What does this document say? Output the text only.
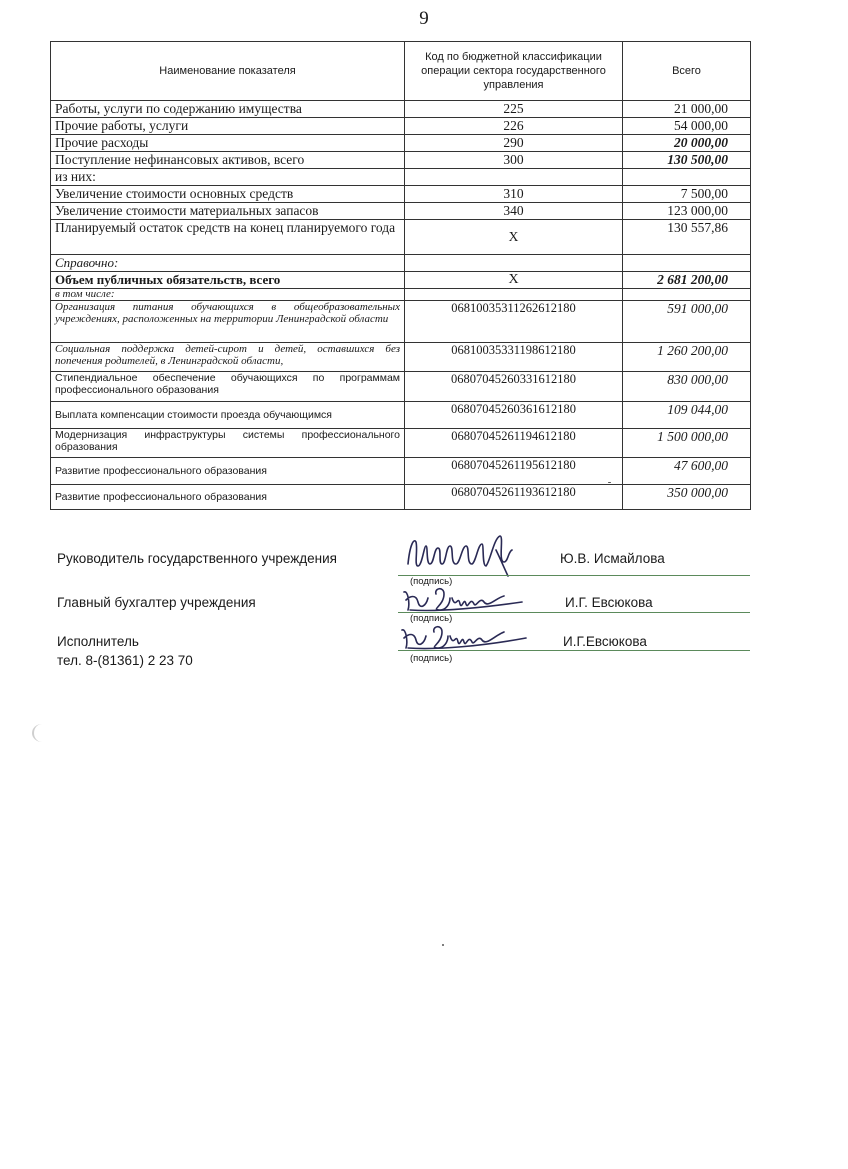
9
Наименование показателя	Код по бюджетной классификации операции сектора государственного управления	Всего
Работы, услуги по содержанию имущества	225	21 000,00
Прочие работы, услуги	226	54 000,00
Прочие расходы	290	20 000,00
Поступление нефинансовых активов, всего	300	130 500,00
из них:		
Увеличение стоимости основных средств	310	7 500,00
Увеличение стоимости материальных запасов	340	123 000,00
Планируемый остаток средств на конец планируемого года	X	130 557,86
Справочно:		
Объем публичных обязательств, всего	X	2 681 200,00
в том числе:		
Организация питания обучающихся в общеобразовательных учреждениях, расположенных на территории Ленинградской области	06810035311262612180	591 000,00
Социальная поддержка детей-сирот и детей, оставшихся без попечения родителей, в Ленинградской области,	06810035331198612180	1 260 200,00
Стипендиальное обеспечение обучающихся по программам профессионального образования	06807045260331612180	830 000,00
Выплата компенсации стоимости проезда обучающимся	06807045260361612180	109 044,00
Модернизация инфраструктуры системы профессионального образования	06807045261194612180	1 500 000,00
Развитие профессионального образования	06807045261195612180	47 600,00
Развитие профессионального образования	06807045261193612180	350 000,00
Руководитель государственного учреждения	Ю.В. Исмайлова
(подпись)
Главный бухгалтер учреждения	И.Г. Евсюкова
(подпись)
Исполнитель
тел. 8-(81361) 2 23 70
И.Г.Евсюкова
(подпись)
